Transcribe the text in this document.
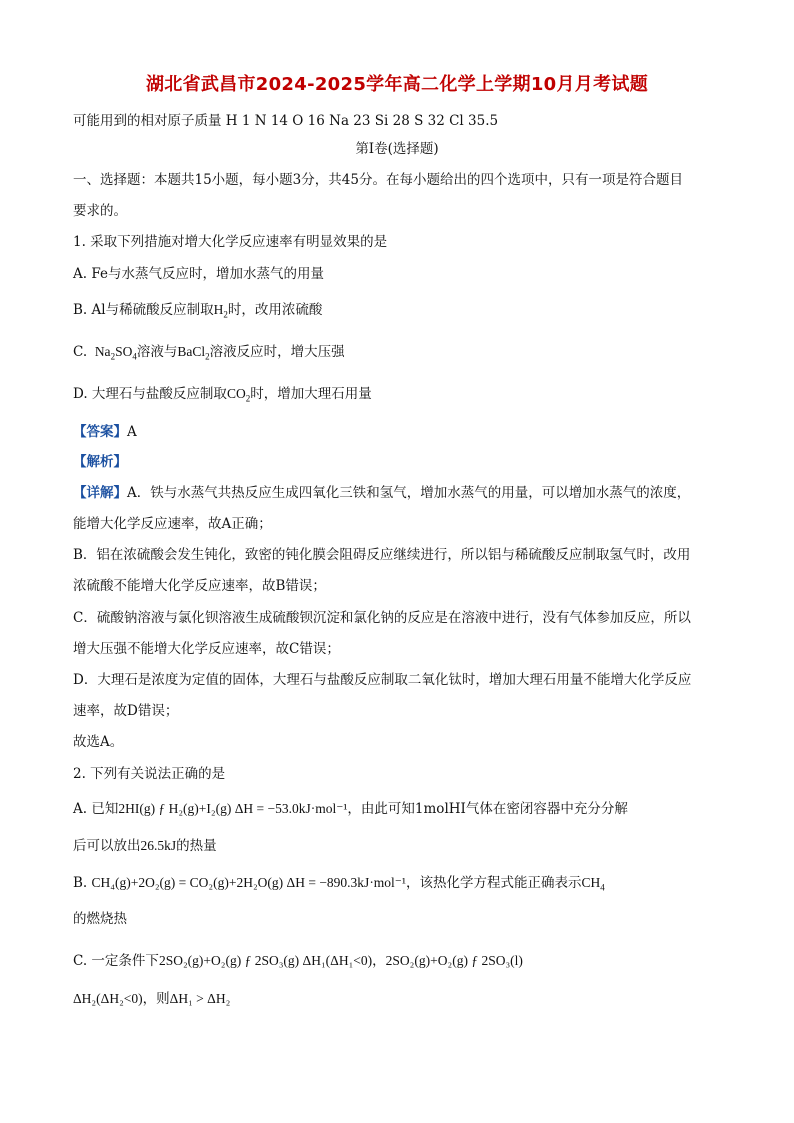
湖北省武昌市2024-2025学年高二化学上学期10月月考试题
可能用到的相对原子质量 H 1 N 14 O 16 Na 23 Si 28 S 32 Cl 35.5
第Ⅰ卷(选择题)
一、选择题：本题共15小题，每小题3分，共45分。在每小题给出的四个选项中，只有一项是符合题目
要求的。
1. 采取下列措施对增大化学反应速率有明显效果的是
A. Fe与水蒸气反应时，增加水蒸气的用量
B. Al与稀硫酸反应制取$H_2$时，改用浓硫酸
C.  $Na_2SO_4$溶液与BaCl$_2$溶液反应时，增大压强
D. 大理石与盐酸反应制取$CO_2$时，增加大理石用量
【答案】A
【解析】
【详解】A．铁与水蒸气共热反应生成四氧化三铁和氢气，增加水蒸气的用量，可以增加水蒸气的浓度，
能增大化学反应速率，故A正确；
B．铝在浓硫酸会发生钝化，致密的钝化膜会阻碍反应继续进行，所以铝与稀硫酸反应制取氢气时，改用
浓硫酸不能增大化学反应速率，故B错误；
C．硫酸钠溶液与氯化钡溶液生成硫酸钡沉淀和氯化钠的反应是在溶液中进行，没有气体参加反应，所以
增大压强不能增大化学反应速率，故C错误；
D．大理石是浓度为定值的固体，大理石与盐酸反应制取二氧化钛时，增加大理石用量不能增大化学反应
速率，故D错误；
故选A。
2. 下列有关说法正确的是
A. 已知2HI(g) ƒ H₂(g)+I₂(g) ΔH = −53.0kJ·mol⁻¹，由此可知1molHI气体在密闭容器中充分分解
后可以放出26.5kJ的热量
B. CH₄(g)+2O₂(g) = CO₂(g)+2H₂O(g) ΔH = −890.3kJ·mol⁻¹，该热化学方程式能正确表示$CH_4$
的燃烧热
C. 一定条件下2SO₂(g)+O₂(g) ƒ 2SO₃(g) ΔH₁(ΔH₁<0)，2SO₂(g)+O₂(g) ƒ 2SO₃(l)
ΔH₂(ΔH₂<0)，则ΔH₁ > ΔH₂
